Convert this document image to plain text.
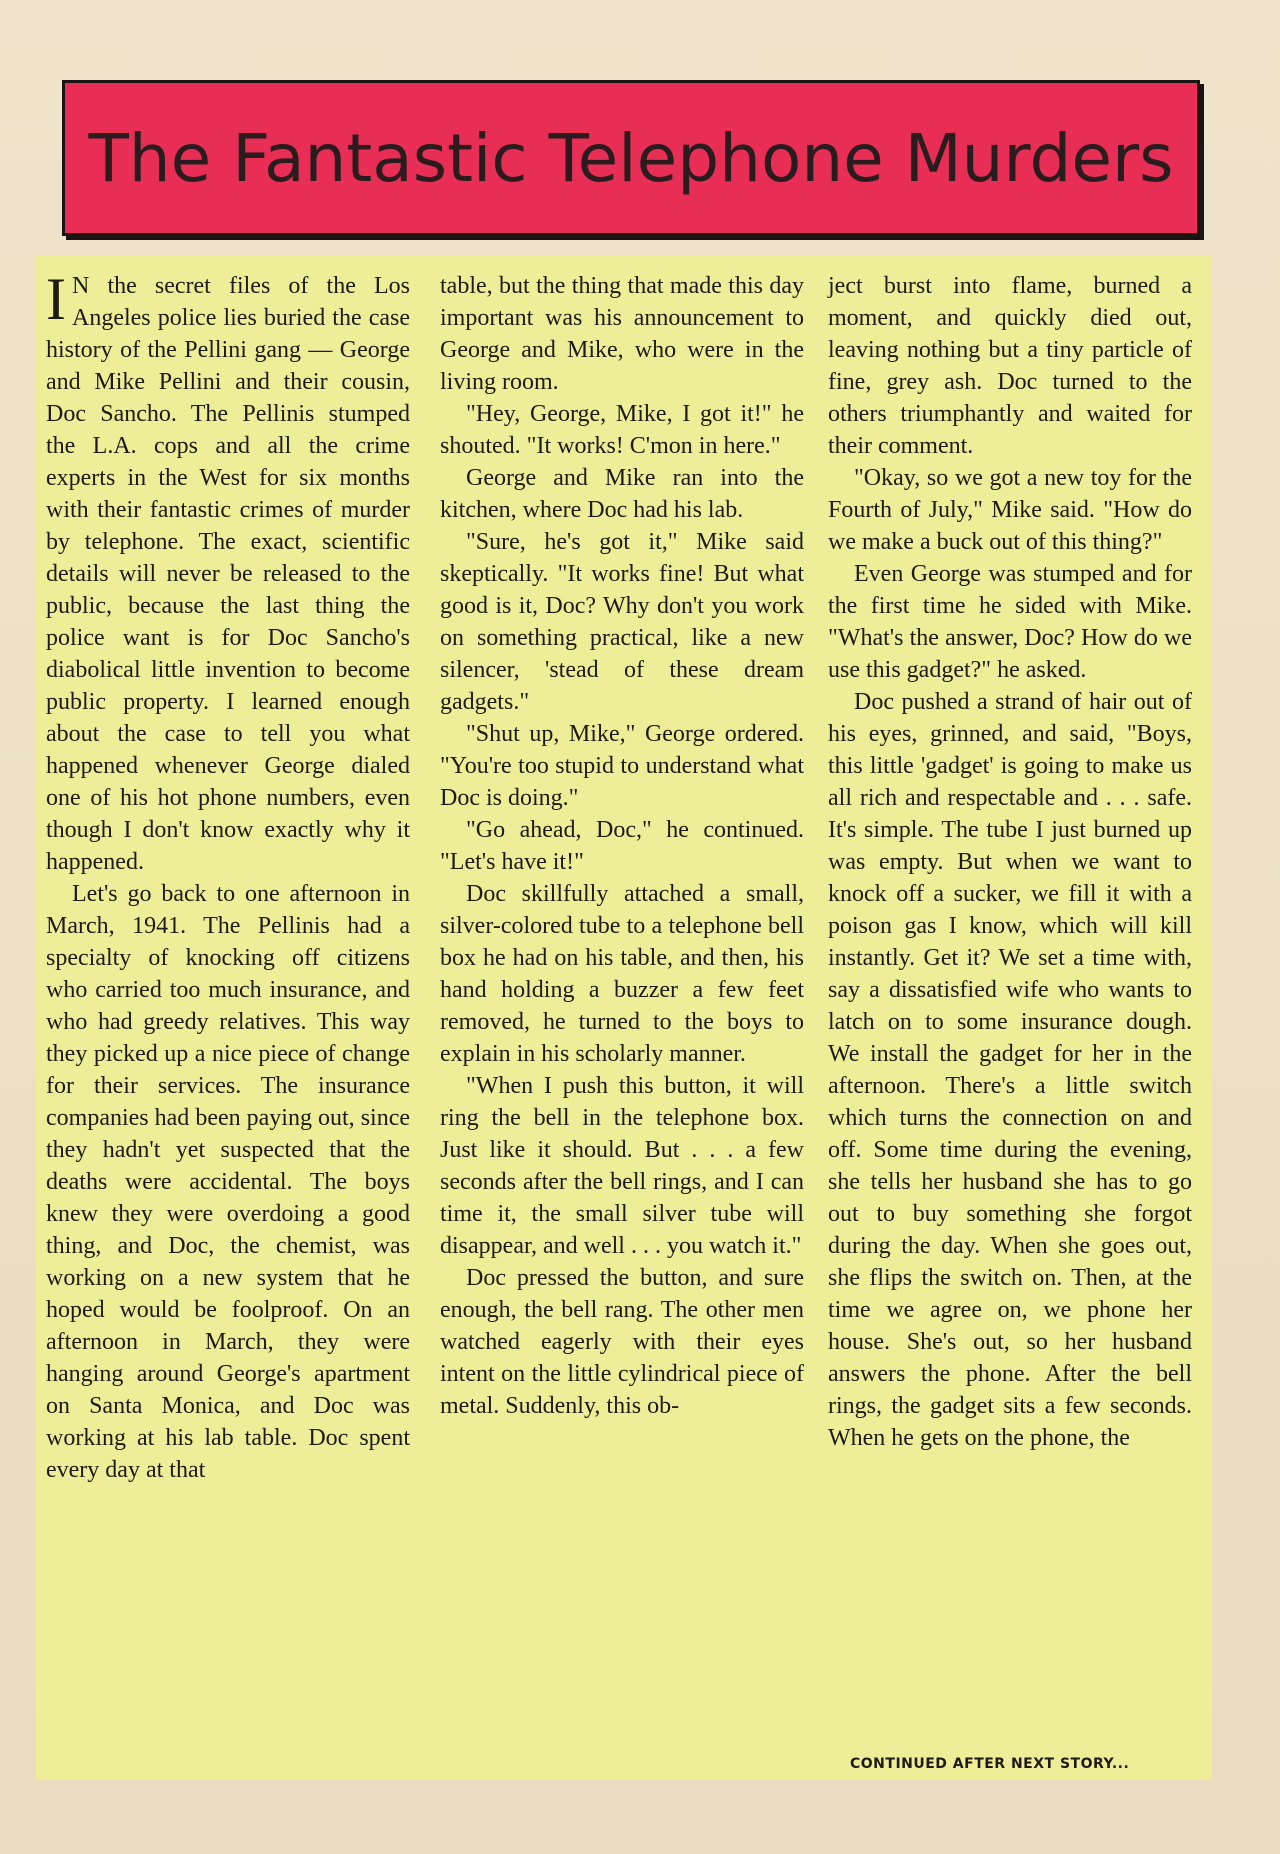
The Fantastic Telephone Murders

I N the secret files of the Los Angeles police lies buried the case history of the Pellini gang — George and Mike Pellini and their cousin, Doc Sancho. The Pellinis stumped the L.A. cops and all the crime experts in the West for six months with their fantastic crimes of murder by telephone. The exact, scientific details will never be released to the public, because the last thing the police want is for Doc Sancho's diabolical little invention to become public property. I learned enough about the case to tell you what happened whenever George dialed one of his hot phone numbers, even though I don't know exactly why it happened.

Let's go back to one afternoon in March, 1941. The Pellinis had a specialty of knocking off citizens who carried too much insurance, and who had greedy relatives. This way they picked up a nice piece of change for their services. The insurance companies had been paying out, since they hadn't yet suspected that the deaths were accidental. The boys knew they were overdoing a good thing, and Doc, the chemist, was working on a new system that he hoped would be foolproof. On an afternoon in March, they were hanging around George's apartment on Santa Monica, and Doc was working at his lab table. Doc spent every day at that

table, but the thing that made this day important was his announcement to George and Mike, who were in the living room.

"Hey, George, Mike, I got it!" he shouted. "It works! C'mon in here."

George and Mike ran into the kitchen, where Doc had his lab.

"Sure, he's got it," Mike said skeptically. "It works fine! But what good is it, Doc? Why don't you work on something practical, like a new silencer, 'stead of these dream gadgets."

"Shut up, Mike," George ordered. "You're too stupid to understand what Doc is doing."

"Go ahead, Doc," he continued. "Let's have it!"

Doc skillfully attached a small, silver-colored tube to a telephone bell box he had on his table, and then, his hand holding a buzzer a few feet removed, he turned to the boys to explain in his scholarly manner.

"When I push this button, it will ring the bell in the telephone box. Just like it should. But . . . a few seconds after the bell rings, and I can time it, the small silver tube will disappear, and well . . . you watch it."

Doc pressed the button, and sure enough, the bell rang. The other men watched eagerly with their eyes intent on the little cylindrical piece of metal. Suddenly, this ob-

ject burst into flame, burned a moment, and quickly died out, leaving nothing but a tiny particle of fine, grey ash. Doc turned to the others triumphantly and waited for their comment.

"Okay, so we got a new toy for the Fourth of July," Mike said. "How do we make a buck out of this thing?"

Even George was stumped and for the first time he sided with Mike. "What's the answer, Doc? How do we use this gadget?" he asked.

Doc pushed a strand of hair out of his eyes, grinned, and said, "Boys, this little 'gadget' is going to make us all rich and respectable and . . . safe. It's simple. The tube I just burned up was empty. But when we want to knock off a sucker, we fill it with a poison gas I know, which will kill instantly. Get it? We set a time with, say a dissatisfied wife who wants to latch on to some insurance dough. We install the gadget for her in the afternoon. There's a little switch which turns the connection on and off. Some time during the evening, she tells her husband she has to go out to buy something she forgot during the day. When she goes out, she flips the switch on. Then, at the time we agree on, we phone her house. She's out, so her husband answers the phone. After the bell rings, the gadget sits a few seconds. When he gets on the phone, the

CONTINUED AFTER NEXT STORY...
